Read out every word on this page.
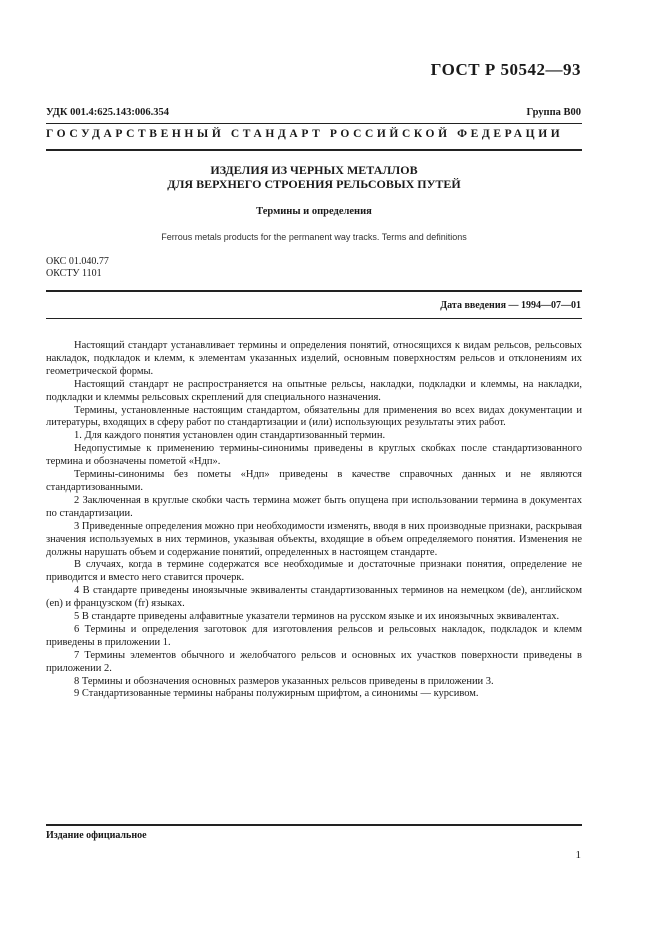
ГОСТ Р 50542—93
УДК 001.4:625.143:006.354	Группа В00
ГОСУДАРСТВЕННЫЙ СТАНДАРТ РОССИЙСКОЙ ФЕДЕРАЦИИ
ИЗДЕЛИЯ ИЗ ЧЕРНЫХ МЕТАЛЛОВ
ДЛЯ ВЕРХНЕГО СТРОЕНИЯ РЕЛЬСОВЫХ ПУТЕЙ
Термины и определения
Ferrous metals products for the permanent way tracks. Terms and definitions
ОКС 01.040.77
ОКСТУ 1101
Дата введения — 1994—07—01

Настоящий стандарт устанавливает термины и определения понятий, относящихся к видам рельсов, рельсовых накладок, подкладок и клемм, к элементам указанных изделий, основным поверхностям рельсов и отклонениям их геометрической формы.

Настоящий стандарт не распространяется на опытные рельсы, накладки, подкладки и клеммы, на накладки, подкладки и клеммы рельсовых скреплений для специального назначения.

Термины, установленные настоящим стандартом, обязательны для применения во всех видах документации и литературы, входящих в сферу работ по стандартизации и (или) использующих результаты этих работ.

1. Для каждого понятия установлен один стандартизованный термин.

Недопустимые к применению термины-синонимы приведены в круглых скобках после стандартизованного термина и обозначены пометой «Ндп».

Термины-синонимы без пометы «Ндп» приведены в качестве справочных данных и не являются стандартизованными.

2 Заключенная в круглые скобки часть термина может быть опущена при использовании термина в документах по стандартизации.

3 Приведенные определения можно при необходимости изменять, вводя в них производные признаки, раскрывая значения используемых в них терминов, указывая объекты, входящие в объем определяемого понятия. Изменения не должны нарушать объем и содержание понятий, определенных в настоящем стандарте.

В случаях, когда в термине содержатся все необходимые и достаточные признаки понятия, определение не приводится и вместо него ставится прочерк.

4 В стандарте приведены иноязычные эквиваленты стандартизованных терминов на немецком (de), английском (en) и французском (fr) языках.

5 В стандарте приведены алфавитные указатели терминов на русском языке и их иноязычных эквивалентах.

6 Термины и определения заготовок для изготовления рельсов и рельсовых накладок, подкладок и клемм приведены в приложении 1.

7 Термины элементов обычного и желобчатого рельсов и основных их участков поверхности приведены в приложении 2.

8 Термины и обозначения основных размеров указанных рельсов приведены в приложении 3.

9 Стандартизованные термины набраны полужирным шрифтом, а синонимы — курсивом.

Издание официальное
1
